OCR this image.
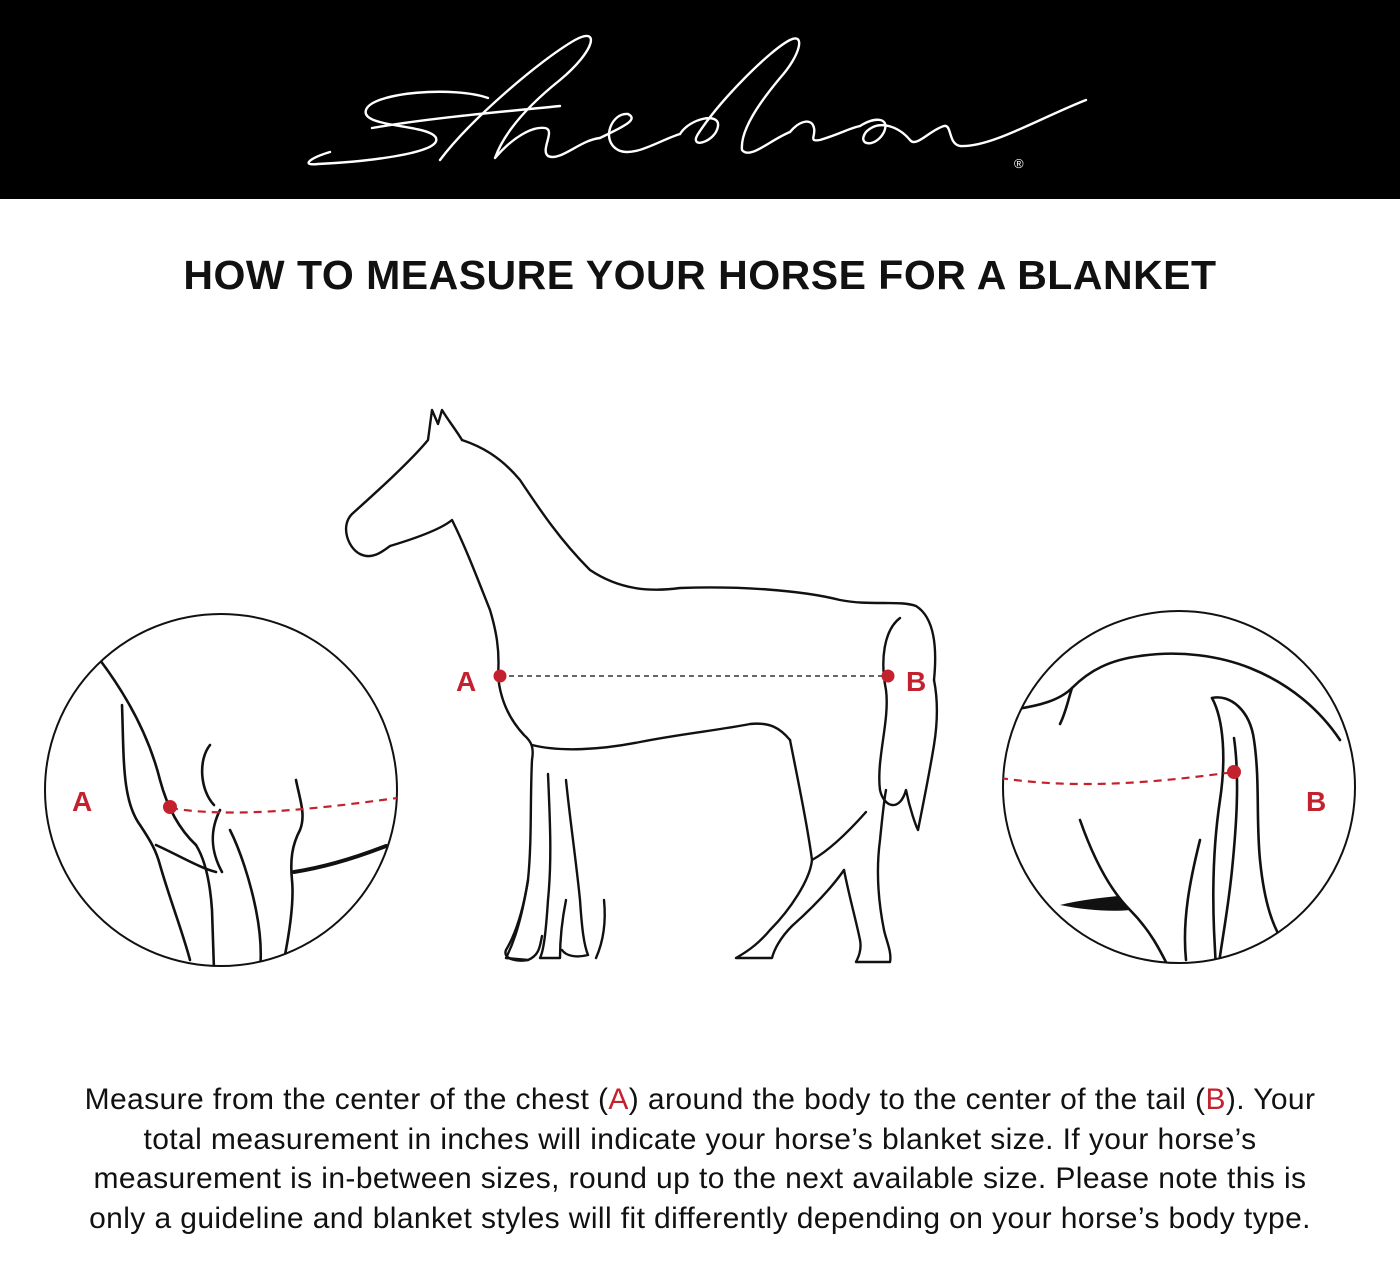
®
HOW TO MEASURE YOUR HORSE FOR A BLANKET
A	B
A	B

Measure from the center of the chest (A) around the body to the center of the tail (B). Your total measurement in inches will indicate your horse’s blanket size. If your horse’s measurement is in-between sizes, round up to the next available size. Please note this is only a guideline and blanket styles will fit differently depending on your horse’s body type.
